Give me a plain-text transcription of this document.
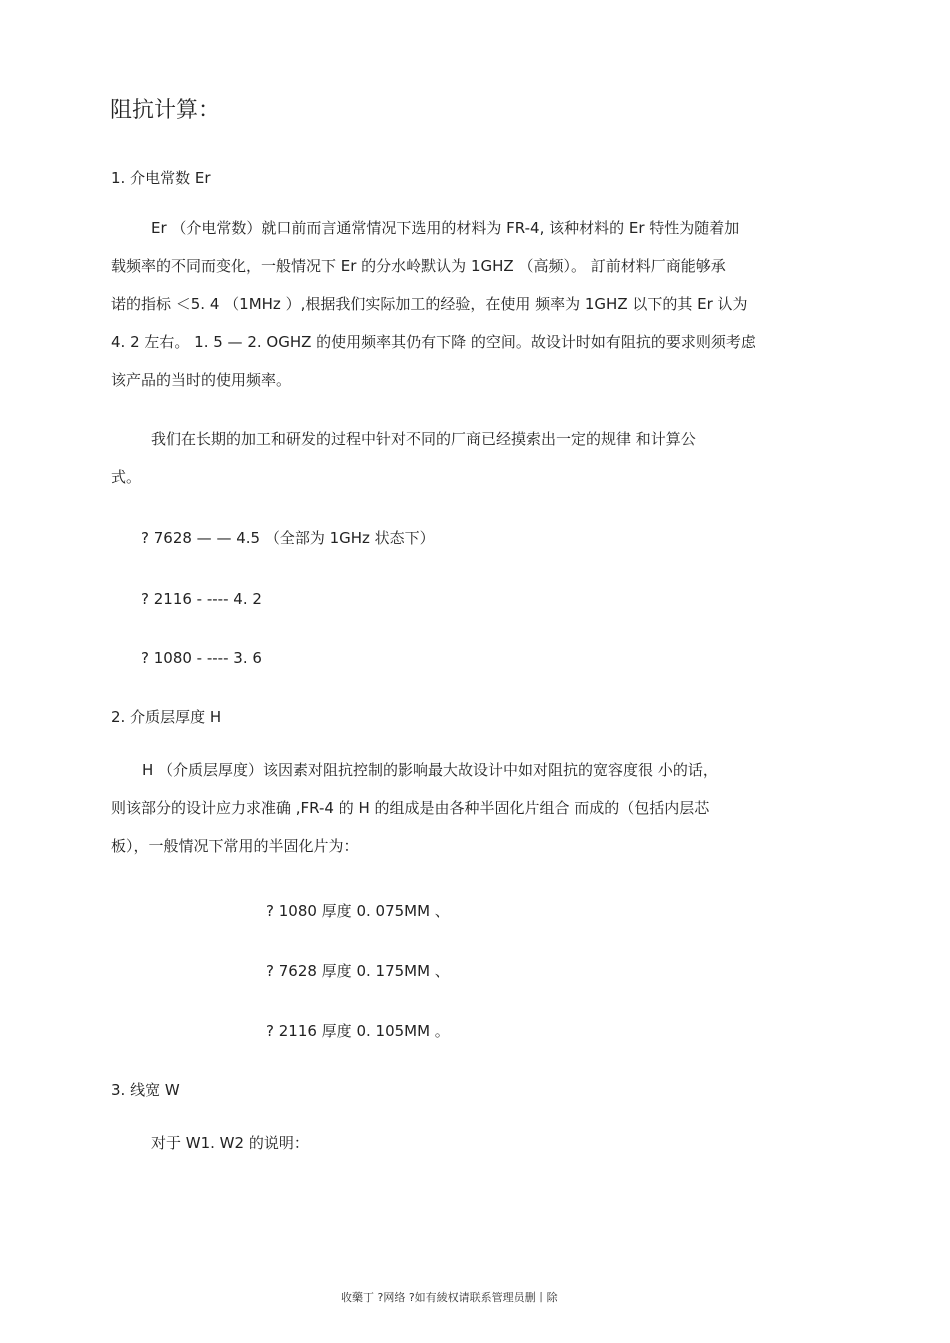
阻抗计算：
1. 介电常数 Er
Er （介电常数）就口前而言通常情况下选用的材料为 FR-4, 该种材料的 Er 特性为随着加
载频率的不同而变化，一般情况下 Er 的分水岭默认为 1GHZ （高频）。 訂前材料厂商能够承
诺的指标 ＜5. 4 （1MHz ）,根据我们实际加工的经验，在使用 频率为 1GHZ 以下的其 Er 认为
4. 2 左右。 1. 5 — 2. OGHZ 的使用频率其仍有下降 的空间。故设计时如有阻抗的要求则须考虑
该产品的当时的使用频率。
我们在长期的加工和研发的过程中针对不同的厂商已经摸索出一定的规律 和计算公
式。
? 7628 — — 4.5 （全部为 1GHz 状态下）
? 2116 - ---- 4. 2
? 1080 - ---- 3. 6
2. 介质层厚度 H
H （介质层厚度）该因素对阻抗控制的影响最大故设计中如对阻抗的宽容度很 小的话，
则该部分的设计应力求准确 ,FR-4 的 H 的组成是由各种半固化片组合 而成的（包括内层芯
板），一般情况下常用的半固化片为：
? 1080 厚度 0. 075MM 、
? 7628 厚度 0. 175MM 、
? 2116 厚度 0. 105MM 。
3. 线宽 W
对于 W1. W2 的说明：
收藥丁 ?网络 ?如有綾权请联系管理员删丨除
